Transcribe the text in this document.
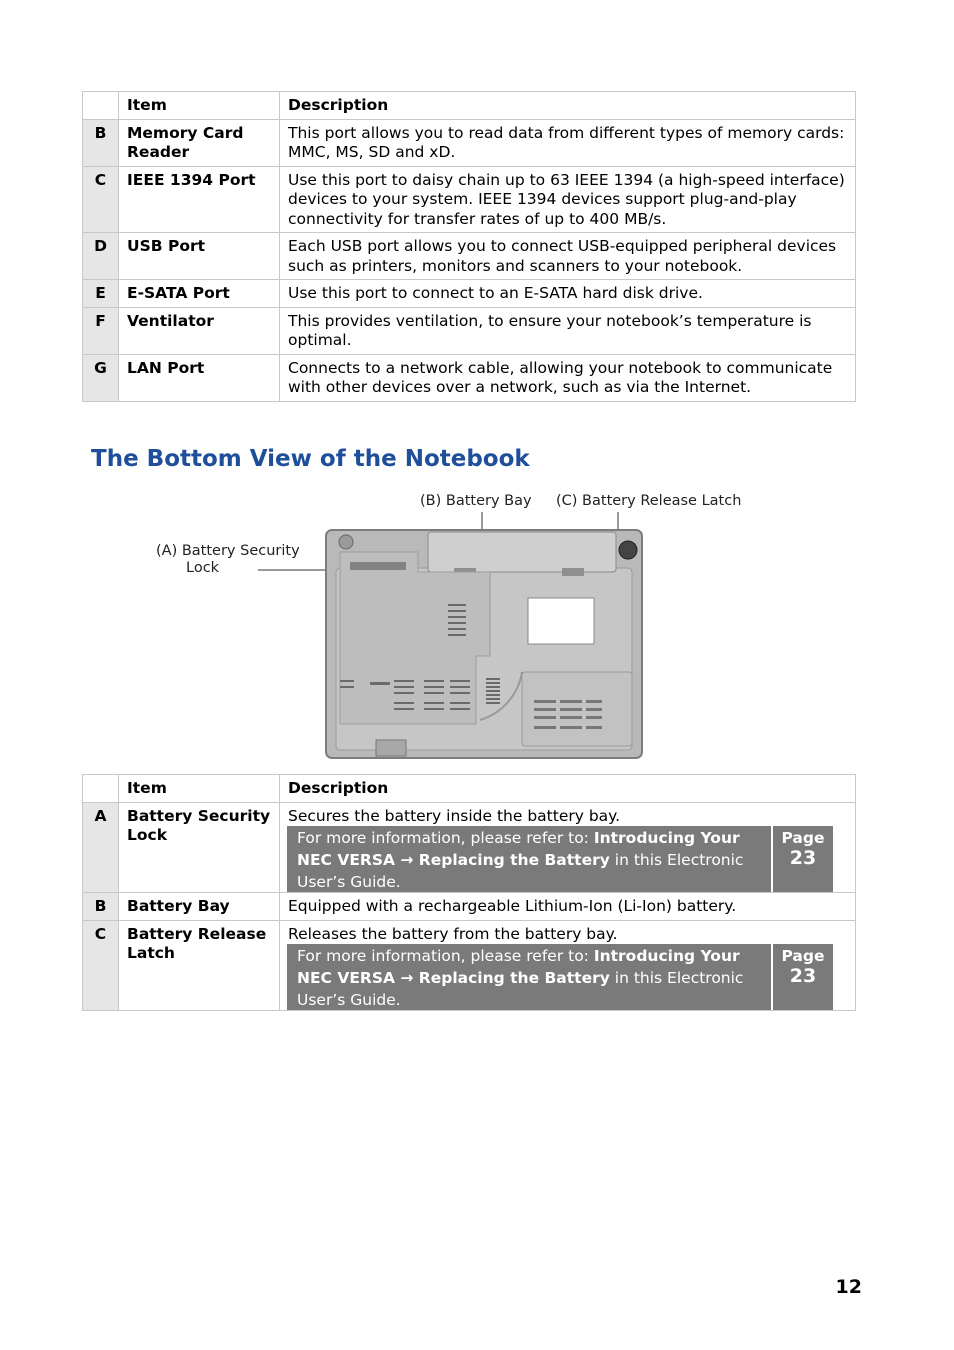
	Item	Description
B	Memory Card Reader	This port allows you to read data from different types of memory cards: MMC, MS, SD and xD.
C	IEEE 1394 Port	Use this port to daisy chain up to 63 IEEE 1394 (a high-speed interface) devices to your system. IEEE 1394 devices support plug-and-play connectivity for transfer rates of up to 400 MB/s.
D	USB Port	Each USB port allows you to connect USB-equipped peripheral devices such as printers, monitors and scanners to your notebook.
E	E-SATA Port	Use this port to connect to an E-SATA hard disk drive.
F	Ventilator	This provides ventilation, to ensure your notebook’s temperature is optimal.
G	LAN Port	Connects to a network cable, allowing your notebook to communicate with other devices over a network, such as via the Internet.
The Bottom View of the Notebook
(B) Battery Bay (C) Battery Release Latch
(A) Battery Security
Lock
	Item	Description
A	Battery Security Lock	Secures the battery inside the battery bay.
For more information, please refer to: Introducing Your NEC VERSA → Replacing the Battery in this Electronic User’s Guide.
Page
23

B	Battery Bay	Equipped with a rechargeable Lithium-Ion (Li-Ion) battery.
C	Battery Release Latch	Releases the battery from the battery bay.
For more information, please refer to: Introducing Your NEC VERSA → Replacing the Battery in this Electronic User’s Guide.
Page
23
12
